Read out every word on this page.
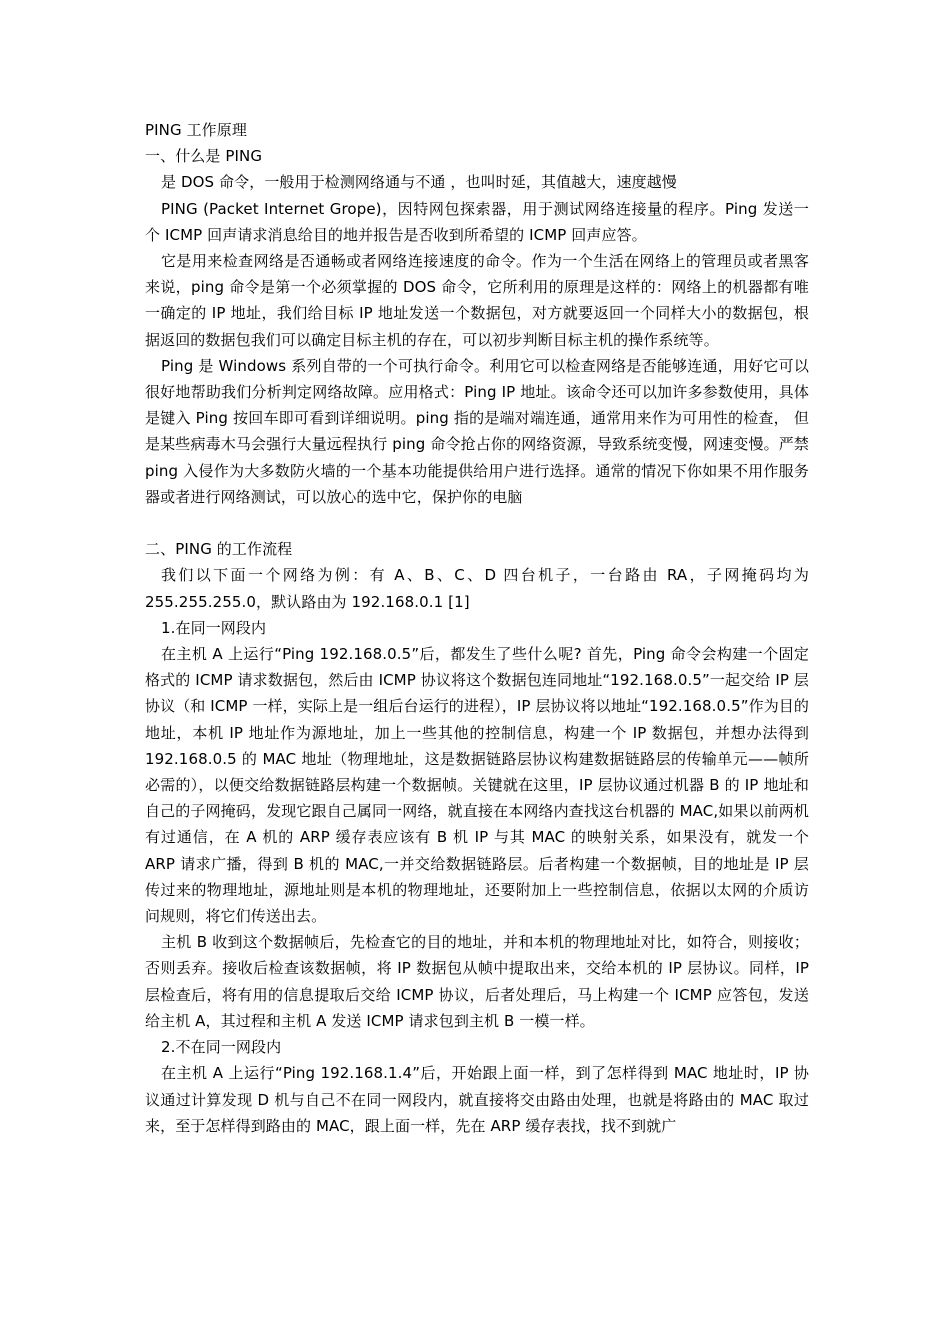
PING 工作原理

一、什么是 PING

是 DOS 命令，一般用于检测网络通与不通 ，也叫时延，其值越大，速度越慢

PING (Packet Internet Grope)，因特网包探索器，用于测试网络连接量的程序。Ping 发送一个 ICMP 回声请求消息给目的地并报告是否收到所希望的 ICMP 回声应答。

它是用来检查网络是否通畅或者网络连接速度的命令。作为一个生活在网络上的管理员或者黑客来说，ping 命令是第一个必须掌握的 DOS 命令，它所利用的原理是这样的：网络上的机器都有唯一确定的 IP 地址，我们给目标 IP 地址发送一个数据包，对方就要返回一个同样大小的数据包，根据返回的数据包我们可以确定目标主机的存在，可以初步判断目标主机的操作系统等。

Ping 是 Windows 系列自带的一个可执行命令。利用它可以检查网络是否能够连通，用好它可以很好地帮助我们分析判定网络故障。应用格式：Ping IP 地址。该命令还可以加许多参数使用，具体是键入 Ping 按回车即可看到详细说明。ping 指的是端对端连通，通常用来作为可用性的检查， 但是某些病毒木马会强行大量远程执行 ping 命令抢占你的网络资源，导致系统变慢，网速变慢。严禁 ping 入侵作为大多数防火墙的一个基本功能提供给用户进行选择。通常的情况下你如果不用作服务器或者进行网络测试，可以放心的选中它，保护你的电脑

二、PING 的工作流程

我们以下面一个网络为例：有 A、B、C、D 四台机子，一台路由 RA，子网掩码均为 255.255.255.0，默认路由为 192.168.0.1 [1]

1.在同一网段内

在主机 A 上运行“Ping 192.168.0.5”后，都发生了些什么呢? 首先，Ping 命令会构建一个固定格式的 ICMP 请求数据包，然后由 ICMP 协议将这个数据包连同地址“192.168.0.5”一起交给 IP 层协议（和 ICMP 一样，实际上是一组后台运行的进程），IP 层协议将以地址“192.168.0.5”作为目的地址，本机 IP 地址作为源地址，加上一些其他的控制信息，构建一个 IP 数据包，并想办法得到 192.168.0.5 的 MAC 地址（物理地址，这是数据链路层协议构建数据链路层的传输单元——帧所必需的），以便交给数据链路层构建一个数据帧。关键就在这里，IP 层协议通过机器 B 的 IP 地址和自己的子网掩码，发现它跟自己属同一网络，就直接在本网络内查找这台机器的 MAC,如果以前两机有过通信，在 A 机的 ARP 缓存表应该有 B 机 IP 与其 MAC 的映射关系，如果没有，就发一个 ARP 请求广播，得到 B 机的 MAC,一并交给数据链路层。后者构建一个数据帧，目的地址是 IP 层传过来的物理地址，源地址则是本机的物理地址，还要附加上一些控制信息，依据以太网的介质访问规则，将它们传送出去。

主机 B 收到这个数据帧后，先检查它的目的地址，并和本机的物理地址对比，如符合，则接收；否则丢弃。接收后检查该数据帧，将 IP 数据包从帧中提取出来，交给本机的 IP 层协议。同样，IP 层检查后，将有用的信息提取后交给 ICMP 协议，后者处理后，马上构建一个 ICMP 应答包，发送给主机 A，其过程和主机 A 发送 ICMP 请求包到主机 B 一模一样。

2.不在同一网段内

在主机 A 上运行“Ping 192.168.1.4”后，开始跟上面一样，到了怎样得到 MAC 地址时，IP 协议通过计算发现 D 机与自己不在同一网段内，就直接将交由路由处理，也就是将路由的 MAC 取过来，至于怎样得到路由的 MAC，跟上面一样，先在 ARP 缓存表找，找不到就广
